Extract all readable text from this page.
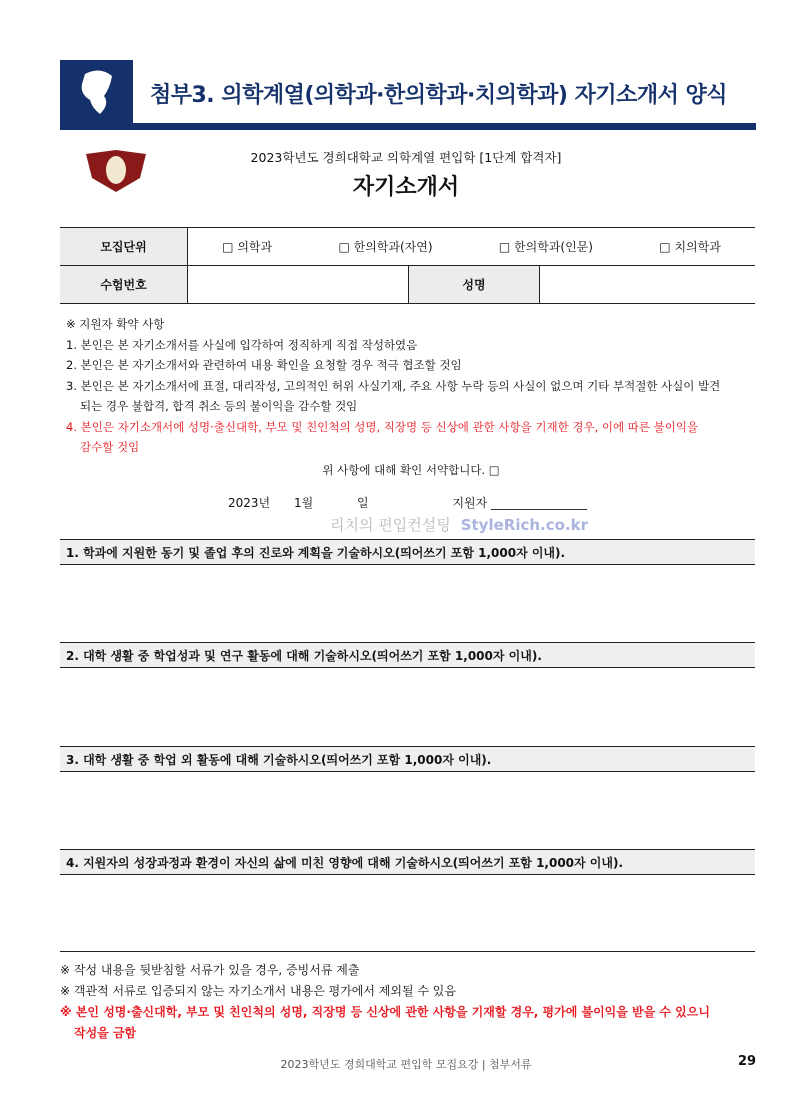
첨부3. 의학계열(의학과·한의학과·치의학과) 자기소개서 양식
2023학년도 경희대학교 의학계열 편입학 [1단계 합격자]
자기소개서
모집단위	□ 의학과 □ 한의학과(자연) □ 한의학과(인문) □ 치의학과		

수험번호		성명	
※ 지원자 확약 사항
1. 본인은 본 자기소개서를 사실에 입각하여 정직하게 직접 작성하였음
2. 본인은 본 자기소개서와 관련하여 내용 확인을 요청할 경우 적극 협조할 것임
3. 본인은 본 자기소개서에 표절, 대리작성, 고의적인 허위 사실기재, 주요 사항 누락 등의 사실이 없으며 기타 부적절한 사실이 발견
되는 경우 불합격, 합격 취소 등의 불이익을 감수할 것임
4. 본인은 자기소개서에 성명·출신대학, 부모 및 친인척의 성명, 직장명 등 신상에 관한 사항을 기재한 경우, 이에 따른 불이익을
감수할 것임
위 사항에 대해 확인 서약합니다. □
2023년 1월	일	지원자 ________________
리치의 편입컨설팅 StyleRich.co.kr
1. 학과에 지원한 동기 및 졸업 후의 진로와 계획을 기술하시오(띄어쓰기 포함 1,000자 이내).
2. 대학 생활 중 학업성과 및 연구 활동에 대해 기술하시오(띄어쓰기 포함 1,000자 이내).
3. 대학 생활 중 학업 외 활동에 대해 기술하시오(띄어쓰기 포함 1,000자 이내).
4. 지원자의 성장과정과 환경이 자신의 삶에 미친 영향에 대해 기술하시오(띄어쓰기 포함 1,000자 이내).
※ 작성 내용을 뒷받침할 서류가 있을 경우, 증빙서류 제출
※ 객관적 서류로 입증되지 않는 자기소개서 내용은 평가에서 제외될 수 있음
※ 본인 성명·출신대학, 부모 및 친인척의 성명, 직장명 등 신상에 관한 사항을 기재할 경우, 평가에 불이익을 받을 수 있으니
작성을 금함
2023학년도 경희대학교 편입학 모집요강 | 첨부서류	29
